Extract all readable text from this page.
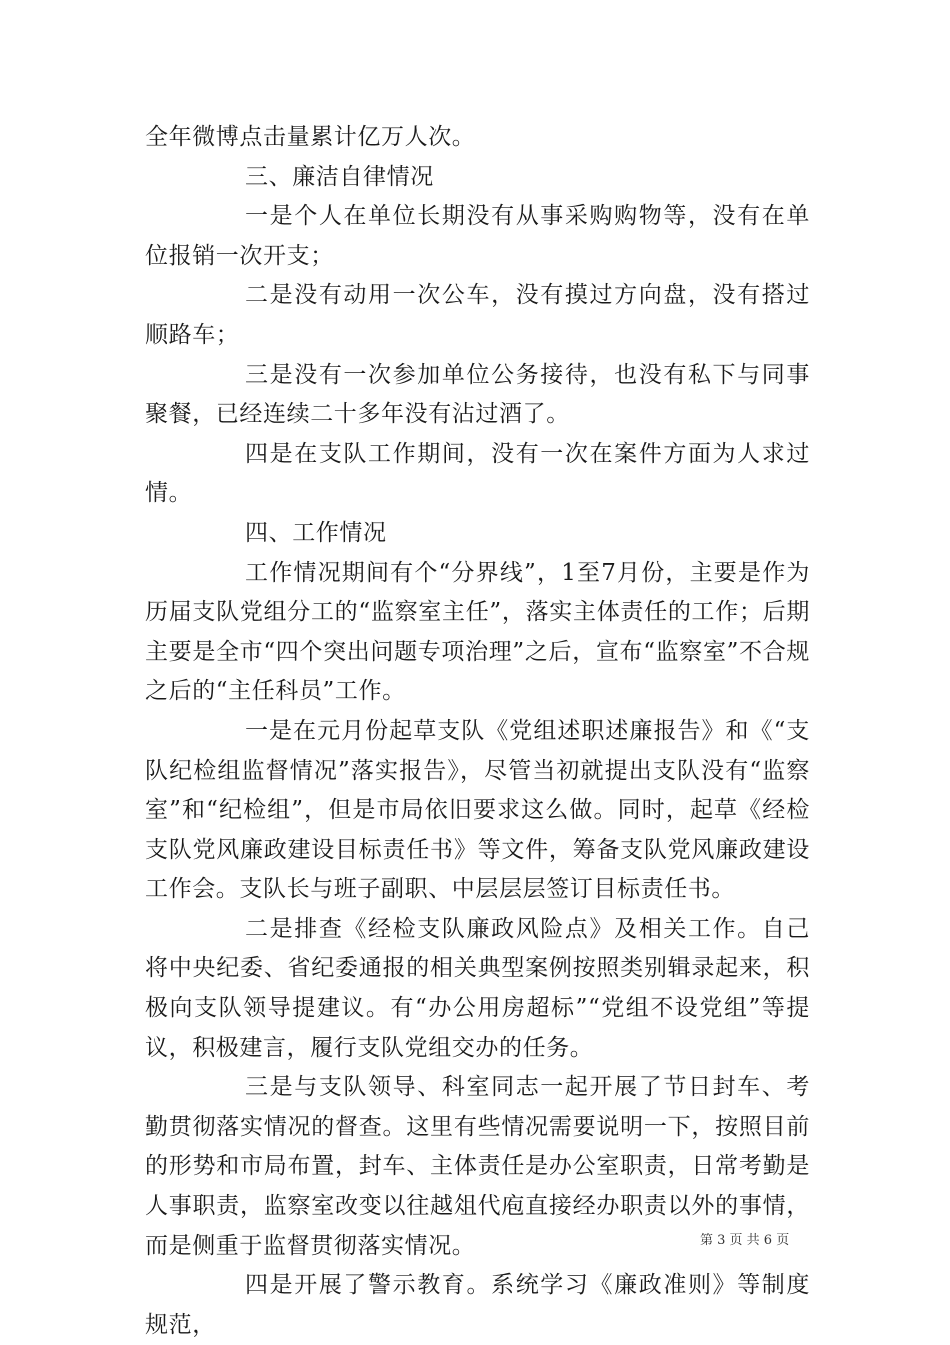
全年微博点击量累计亿万人次。

三、廉洁自律情况

一是个人在单位长期没有从事采购购物等，没有在单位报销一次开支；

二是没有动用一次公车，没有摸过方向盘，没有搭过顺路车；

三是没有一次参加单位公务接待，也没有私下与同事聚餐，已经连续二十多年没有沾过酒了。

四是在支队工作期间，没有一次在案件方面为人求过情。

四、工作情况

工作情况期间有个“分界线”，1至7月份，主要是作为历届支队党组分工的“监察室主任”，落实主体责任的工作；后期主要是全市“四个突出问题专项治理”之后，宣布“监察室”不合规之后的“主任科员”工作。

一是在元月份起草支队《党组述职述廉报告》和《“支队纪检组监督情况”落实报告》，尽管当初就提出支队没有“监察室”和“纪检组”，但是市局依旧要求这么做。同时，起草《经检支队党风廉政建设目标责任书》等文件，筹备支队党风廉政建设工作会。支队长与班子副职、中层层层签订目标责任书。

二是排查《经检支队廉政风险点》及相关工作。自己将中央纪委、省纪委通报的相关典型案例按照类别辑录起来，积极向支队领导提建议。有“办公用房超标”“党组不设党组”等提议，积极建言，履行支队党组交办的任务。

三是与支队领导、科室同志一起开展了节日封车、考勤贯彻落实情况的督查。这里有些情况需要说明一下，按照目前的形势和市局布置，封车、主体责任是办公室职责，日常考勤是人事职责，监察室改变以往越俎代庖直接经办职责以外的事情，而是侧重于监督贯彻落实情况。

四是开展了警示教育。系统学习《廉政准则》等制度规范，

第 3 页 共 6 页
